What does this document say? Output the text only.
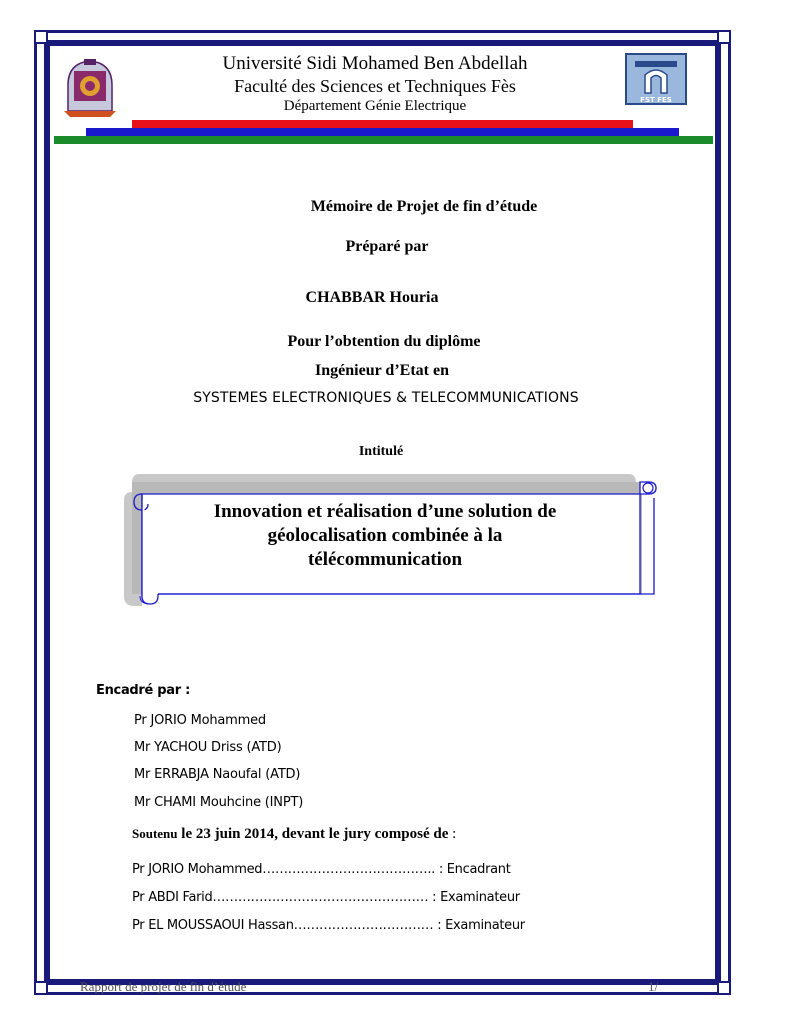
Université Sidi Mohamed Ben Abdellah
Faculté des Sciences et Techniques Fès
Département Génie Electrique	FST FES
Mémoire de Projet de fin d’étude
Préparé par
CHABBAR Houria
Pour l’obtention du diplôme
Ingénieur d’Etat en
SYSTEMES ELECTRONIQUES & TELECOMMUNICATIONS
Intitulé
Innovation et réalisation d’une solution de
géolocalisation combinée à la
télécommunication
Encadré par :
Pr JORIO Mohammed
Mr YACHOU Driss (ATD)
Mr ERRABJA Naoufal (ATD)
Mr CHAMI Mouhcine (INPT)
Soutenu le 23 juin 2014, devant le jury composé de :
Pr JORIO Mohammed………………………………….. : Encadrant
Pr ABDI Farid…………………………………………… : Examinateur
Pr EL MOUSSAOUI Hassan…………………………… : Examinateur
Rapport de projet de fin d’étude	1/
